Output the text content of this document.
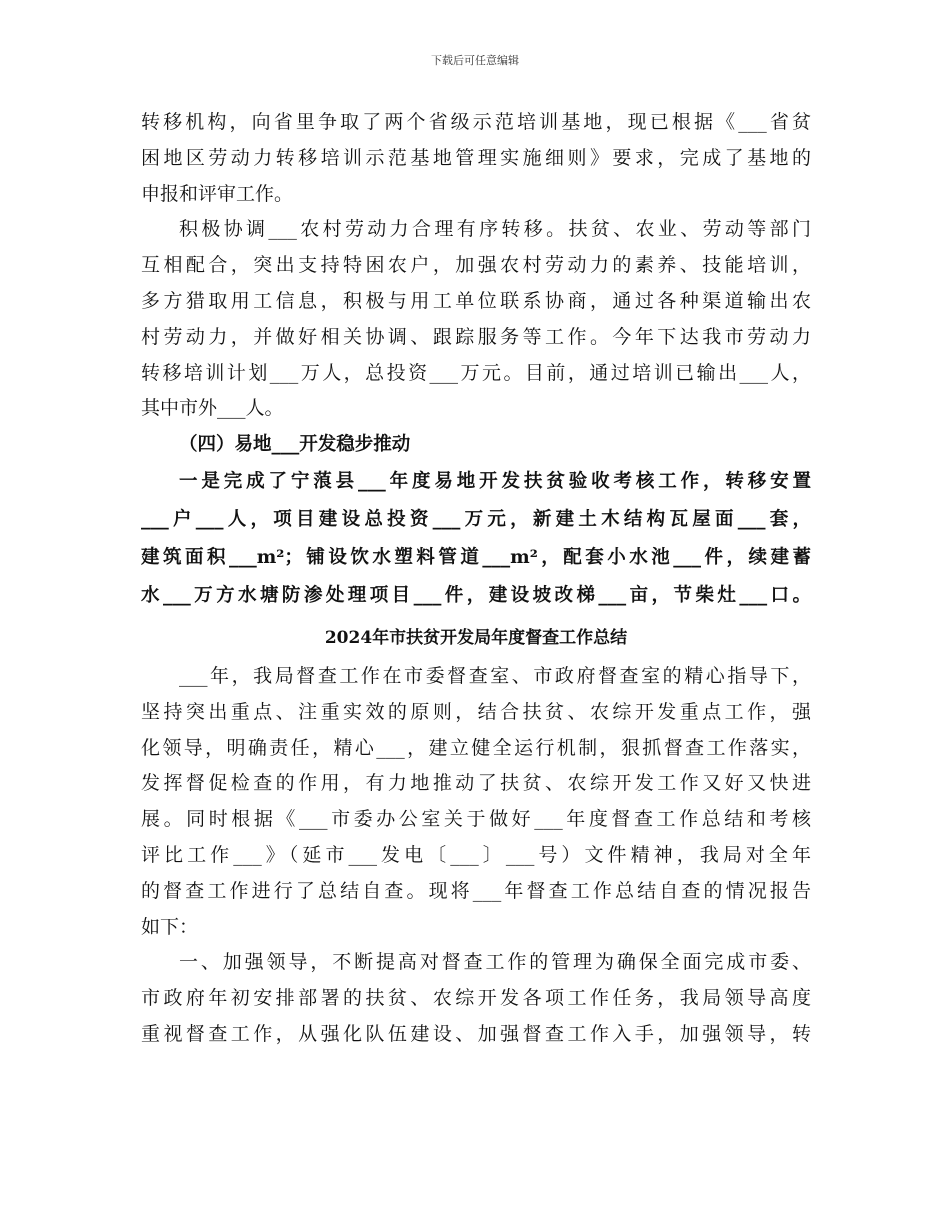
下载后可任意编辑
转移机构，向省里争取了两个省级示范培训基地，现已根据《___省贫
困地区劳动力转移培训示范基地管理实施细则》要求，完成了基地的
申报和评审工作。
积极协调___农村劳动力合理有序转移。扶贫、农业、劳动等部门
互相配合，突出支持特困农户，加强农村劳动力的素养、技能培训，
多方猎取用工信息，积极与用工单位联系协商，通过各种渠道输出农
村劳动力，并做好相关协调、跟踪服务等工作。今年下达我市劳动力
转移培训计划___万人，总投资___万元。目前，通过培训已输出___人，
其中市外___人。
（四）易地___开发稳步推动
一是完成了宁蒗县___年度易地开发扶贫验收考核工作，转移安置
___户___人，项目建设总投资___万元，新建土木结构瓦屋面___套，
建筑面积___m²；铺设饮水塑料管道___m²，配套小水池___件，续建蓄
水___万方水塘防渗处理项目___件，建设坡改梯___亩，节柴灶___口。
2024年市扶贫开发局年度督查工作总结
___年，我局督查工作在市委督查室、市政府督查室的精心指导下，
坚持突出重点、注重实效的原则，结合扶贫、农综开发重点工作，强
化领导，明确责任，精心___，建立健全运行机制，狠抓督查工作落实，
发挥督促检查的作用，有力地推动了扶贫、农综开发工作又好又快进
展。同时根据《___市委办公室关于做好___年度督查工作总结和考核
评比工作___》（延市___发电〔___〕___号）文件精神，我局对全年
的督查工作进行了总结自查。现将___年督查工作总结自查的情况报告
如下：
一、加强领导，不断提高对督查工作的管理为确保全面完成市委、
市政府年初安排部署的扶贫、农综开发各项工作任务，我局领导高度
重视督查工作，从强化队伍建设、加强督查工作入手，加强领导，转
